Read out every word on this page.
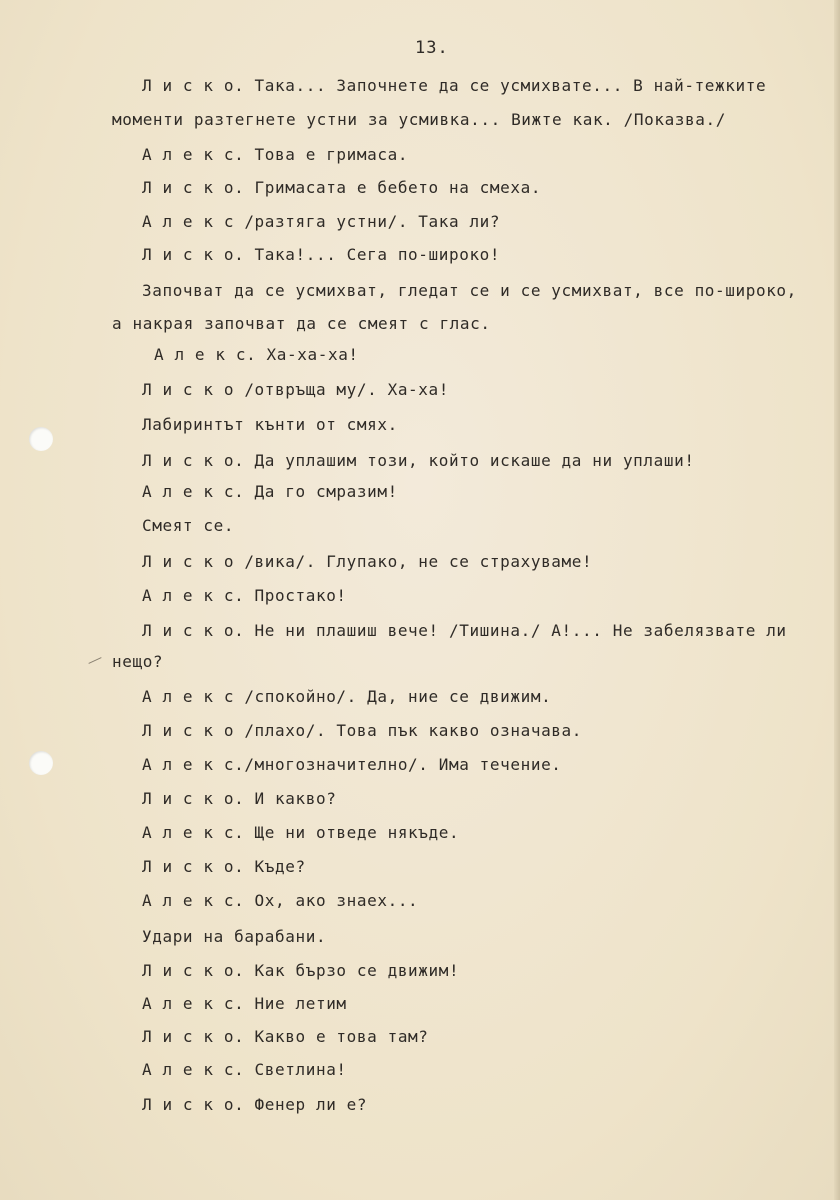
13.
Л и с к о. Така... Започнете да се усмихвате... В най-тежките
моменти разтегнете устни за усмивка... Вижте как. /Показва./
А л е к с. Това е гримаса.
Л и с к о. Гримасата е бебето на смеха.
А л е к с /разтяга устни/. Така ли?
Л и с к о. Така!... Сега по-широко!
Започват да се усмихват, гледат се и се усмихват, все по-широко,
а накрая започват да се смеят с глас.
А л е к с. Ха-ха-ха!
Л и с к о /отвръща му/. Ха-ха!
Лабиринтът кънти от смях.
Л и с к о. Да уплашим този, който искаше да ни уплаши!
А л е к с. Да го смразим!
Смеят се.
Л и с к о /вика/. Глупако, не се страхуваме!
А л е к с. Простако!
Л и с к о. Не ни плашиш вече! /Тишина./ А!... Не забелязвате ли
нещо?
А л е к с /спокойно/. Да, ние се движим.
Л и с к о /плахо/. Това пък какво означава.
А л е к с./многозначително/. Има течение.
Л и с к о. И какво?
А л е к с. Ще ни отведе някъде.
Л и с к о. Къде?
А л е к с. Ох, ако знаех...
Удари на барабани.
Л и с к о. Как бързо се движим!
А л е к с. Ние летим
Л и с к о. Какво е това там?
А л е к с. Светлина!
Л и с к о. Фенер ли е?
